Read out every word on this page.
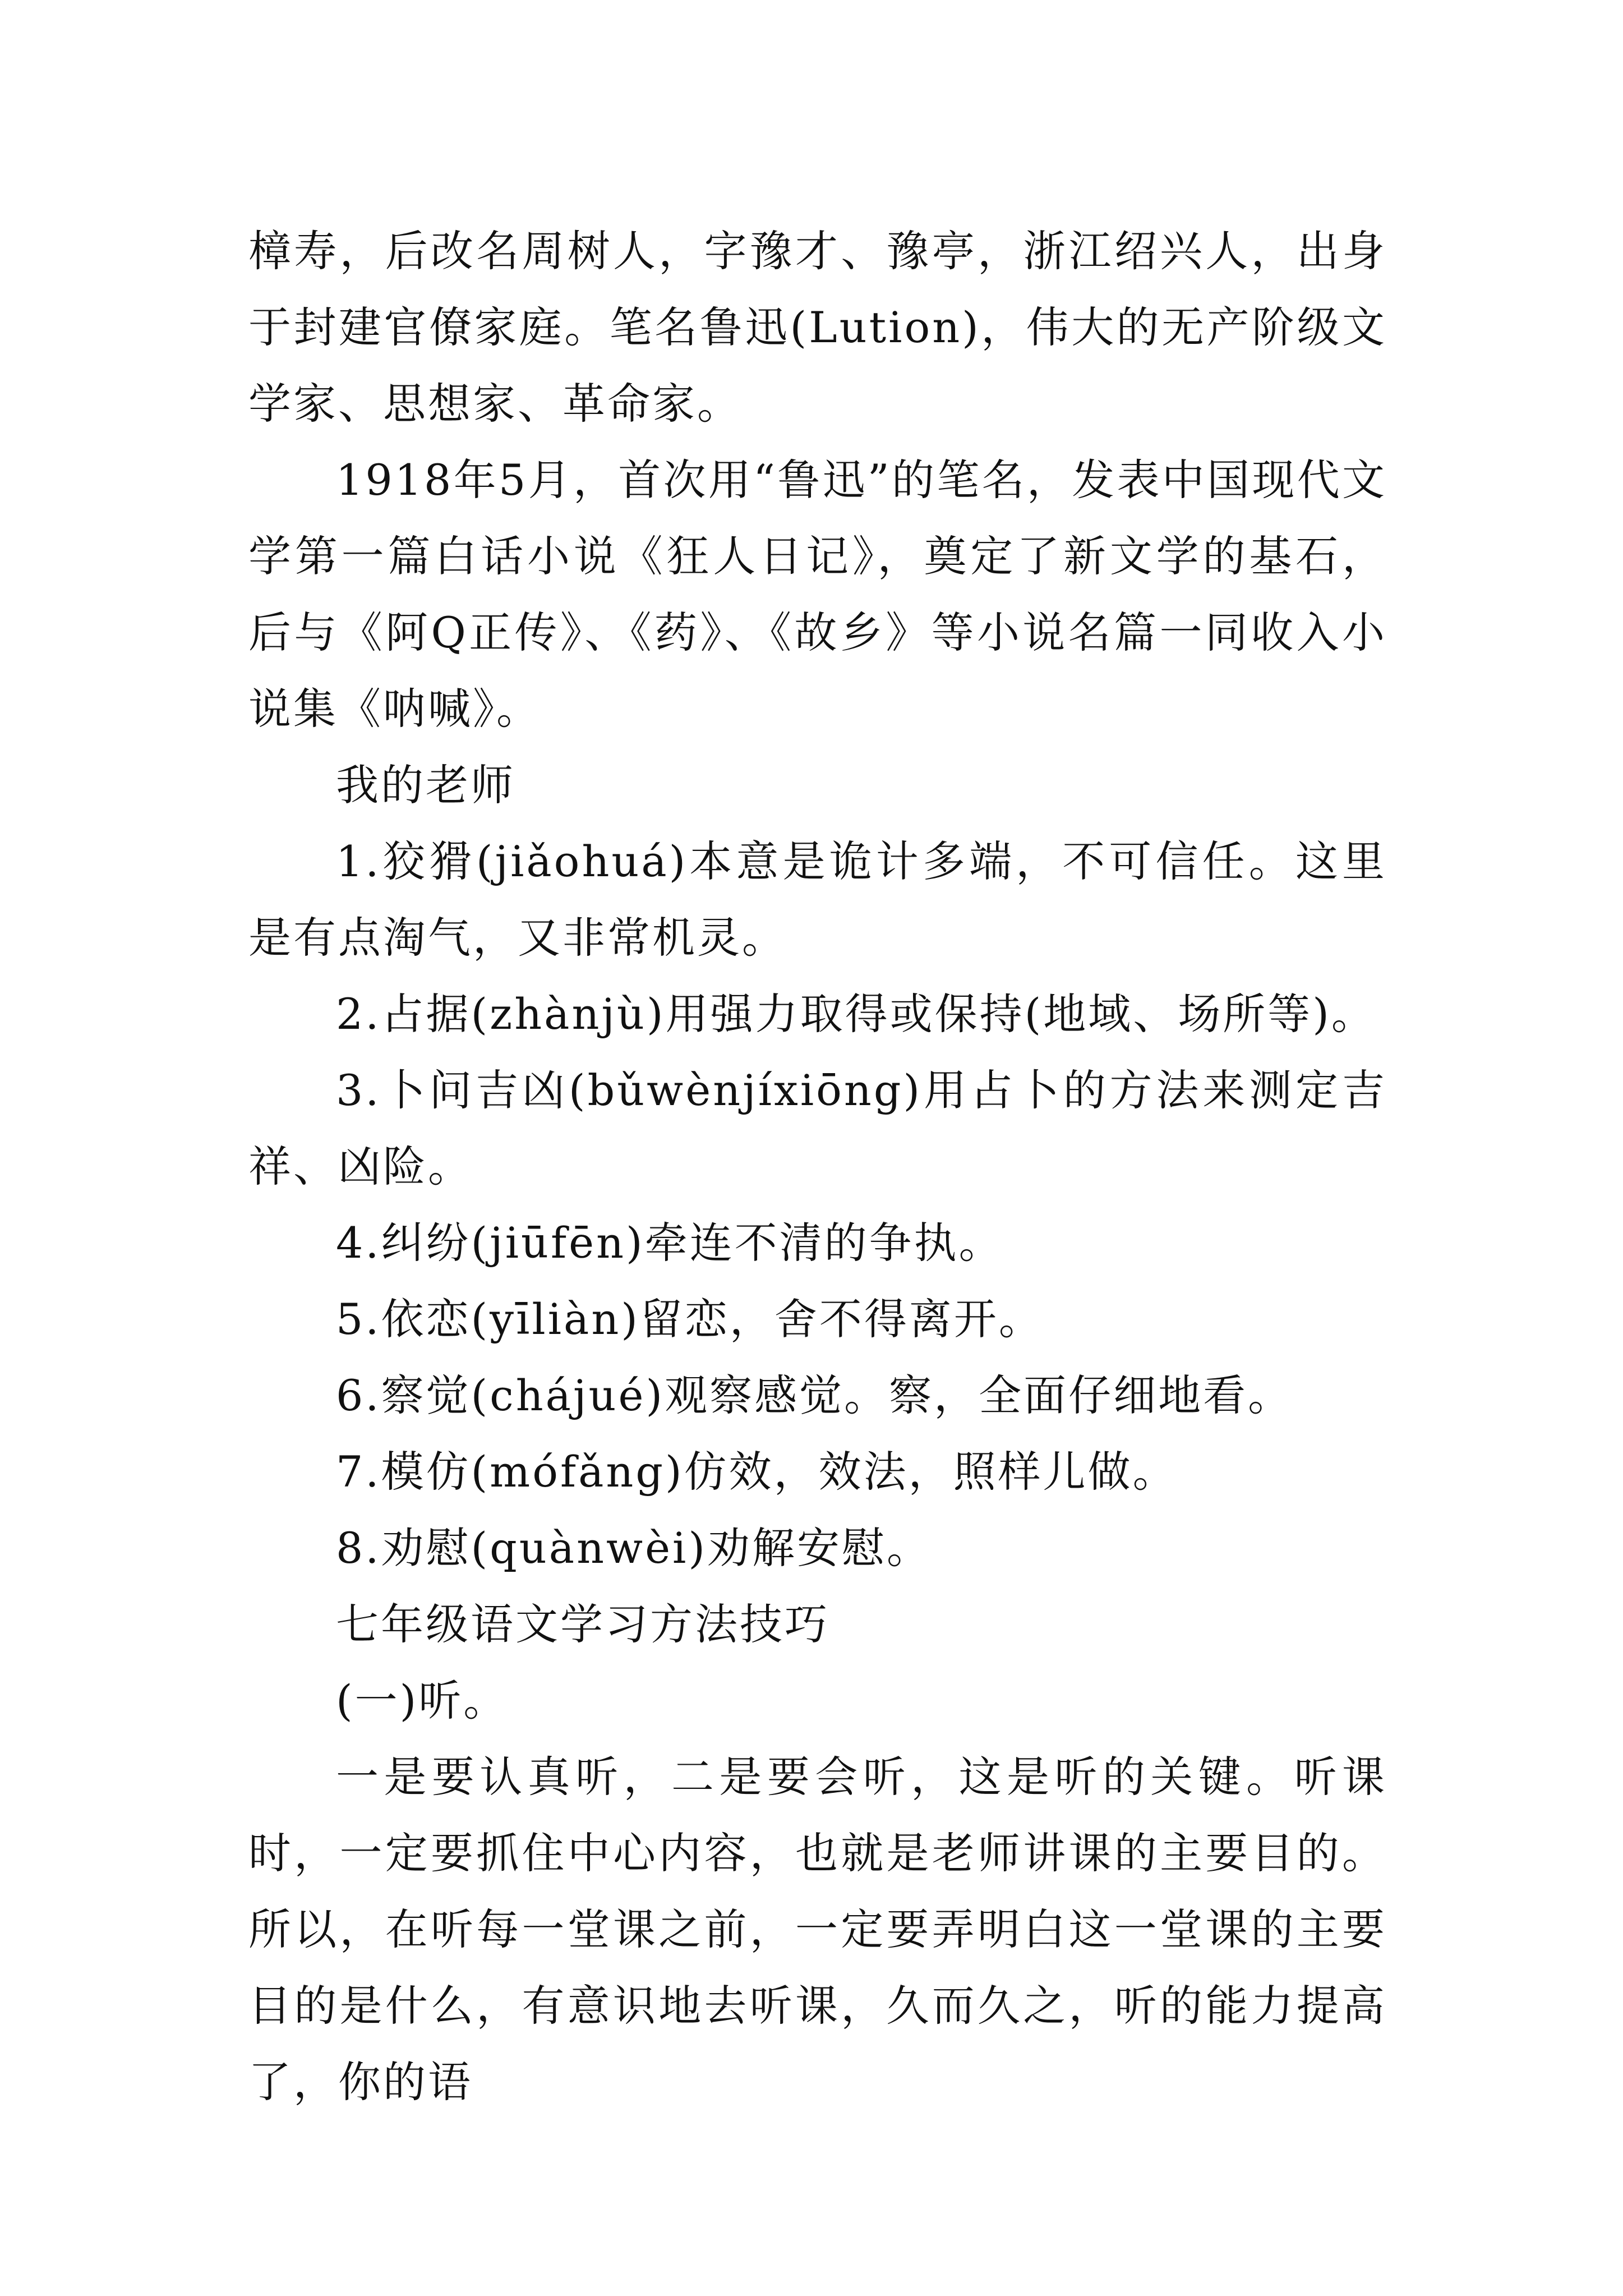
樟寿，后改名周树人，字豫才、豫亭，浙江绍兴人，出身于封建官僚家庭。笔名鲁迅(Lution)，伟大的无产阶级文学家、思想家、革命家。

1918年5月，首次用“鲁迅”的笔名，发表中国现代文学第一篇白话小说《狂人日记》，奠定了新文学的基石，后与《阿Q正传》、《药》、《故乡》等小说名篇一同收入小说集《呐喊》。

我的老师

1.狡猾(jiǎohuá)本意是诡计多端，不可信任。这里是有点淘气，又非常机灵。

2.占据(zhànjù)用强力取得或保持(地域、场所等)。

3.卜问吉凶(bǔwènjíxiōng)用占卜的方法来测定吉祥、凶险。

4.纠纷(jiūfēn)牵连不清的争执。

5.依恋(yīliàn)留恋，舍不得离开。

6.察觉(chájué)观察感觉。察，全面仔细地看。

7.模仿(mófǎng)仿效，效法，照样儿做。

8.劝慰(quànwèi)劝解安慰。

七年级语文学习方法技巧

(一)听。

一是要认真听，二是要会听，这是听的关键。听课时，一定要抓住中心内容，也就是老师讲课的主要目的。所以，在听每一堂课之前，一定要弄明白这一堂课的主要目的是什么，有意识地去听课，久而久之，听的能力提高了，你的语
